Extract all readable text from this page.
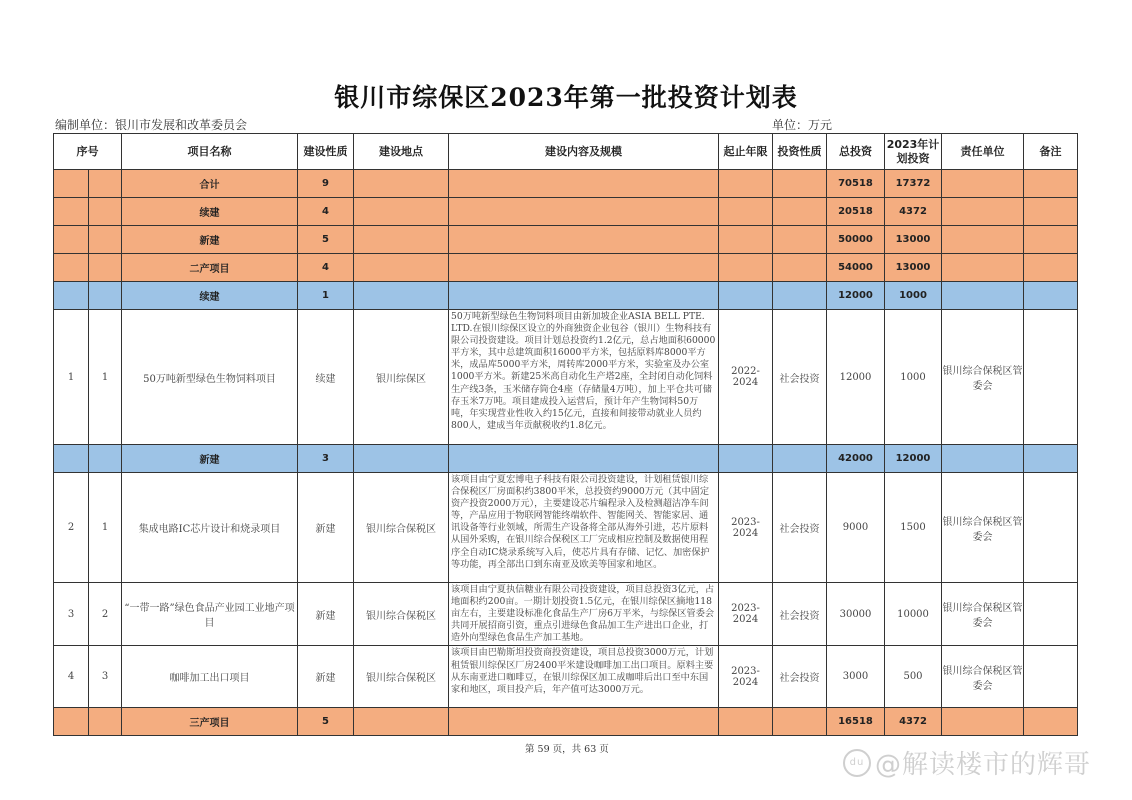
银川市综保区2023年第一批投资计划表
编制单位：银川市发展和改革委员会	单位：万元
序号		项目名称	建设性质	建设地点	建设内容及规模	起止年限	投资性质	总投资	2023年计划投资	责任单位	备注
		合计	9					70518	17372		
		续建	4					20518	4372		
		新建	5					50000	13000		
		二产项目	4					54000	13000		
		续建	1					12000	1000		
1	1	50万吨新型绿色生物饲料项目	续建	银川综保区	50万吨新型绿色生物饲料项目由新加坡企业ASIA BELL PTE. LTD.在银川综保区设立的外商独资企业包谷（银川）生物科技有限公司投资建设。项目计划总投资约1.2亿元，总占地面积60000平方米，其中总建筑面积16000平方米，包括原料库8000平方米，成品库5000平方米，周转库2000平方米，实验室及办公室1000平方米。新建25米高自动化生产塔2座，全封闭自动化饲料生产线3条，玉米储存筒仓4座（存储量4万吨），加上平仓共可储存玉米7万吨。项目建成投入运营后，预计年产生物饲料50万吨，年实现营业性收入约15亿元，直接和间接带动就业人员约800人，建成当年贡献税收约1.8亿元。	2022-2024	社会投资	12000	1000	银川综合保税区管委会	
		新建	3					42000	12000		
2	1	集成电路IC芯片设计和烧录项目	新建	银川综合保税区	该项目由宁夏宏博电子科技有限公司投资建设，计划租赁银川综合保税区厂房面积约3800平米，总投资约9000万元（其中固定资产投资2000万元），主要建设芯片编程录入及检测超洁净车间等，产品应用于物联网智能终端软件、智能网关、智能家居、通讯设备等行业领域，所需生产设备将全部从海外引进，芯片原料从国外采购，在银川综合保税区工厂完成相应控制及数据使用程序全自动IC烧录系统写入后，使芯片具有存储、记忆、加密保护等功能，再全部出口到东南亚及欧美等国家和地区。	2023-2024	社会投资	9000	1500	银川综合保税区管委会	
3	2	“一带一路”绿色食品产业园工业地产项目	新建	银川综合保税区	该项目由宁夏执信糖业有限公司投资建设，项目总投资3亿元，占地面积约200亩。一期计划投资1.5亿元，在银川综保区摘地118亩左右，主要建设标准化食品生产厂房6万平米，与综保区管委会共同开展招商引资，重点引进绿色食品加工生产进出口企业，打造外向型绿色食品生产加工基地。	2023-2024	社会投资	30000	10000	银川综合保税区管委会	
4	3	咖啡加工出口项目	新建	银川综合保税区	该项目由巴勒斯坦投资商投资建设，项目总投资3000万元，计划租赁银川综保区厂房2400平米建设咖啡加工出口项目。原料主要从东南亚进口咖啡豆，在银川综保区加工成咖啡后出口至中东国家和地区，项目投产后，年产值可达3000万元。	2023-2024	社会投资	3000	500	银川综合保税区管委会	
		三产项目	5					16518	4372		
第 59 页，共 63 页
du @解读楼市的辉哥
